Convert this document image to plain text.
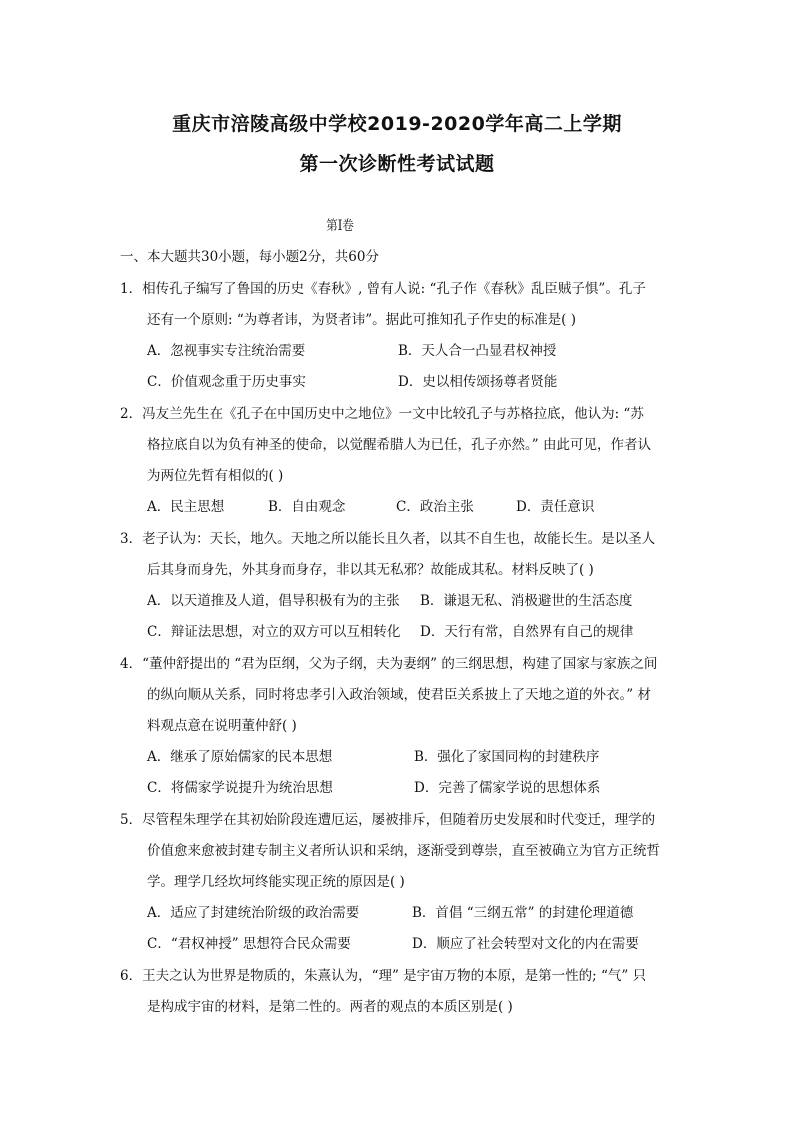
重庆市涪陵高级中学校2019-2020学年高二上学期
第一次诊断性考试试题
第I卷
一、本大题共30小题，每小题2分，共60分
1．相传孔子编写了鲁国的历史《春秋》, 曾有人说: “孔子作《春秋》乱臣贼子惧”。孔子
还有一个原则: “为尊者讳，为贤者讳”。据此可推知孔子作史的标准是( )
A．忽视事实专注统治需要	B．天人合一凸显君权神授
C．价值观念重于历史事实	D．史以相传颂扬尊者贤能
2．冯友兰先生在《孔子在中国历史中之地位》一文中比较孔子与苏格拉底，他认为: “苏
格拉底自以为负有神圣的使命，以觉醒希腊人为已任，孔子亦然。” 由此可见，作者认
为两位先哲有相似的( )
A．民主思想	B．自由观念	C．政治主张	D．责任意识
3．老子认为：天长，地久。天地之所以能长且久者，以其不自生也，故能长生。是以圣人
后其身而身先，外其身而身存，非以其无私邪？故能成其私。材料反映了( )
A．以天道推及人道，倡导积极有为的主张 B．谦退无私、消极避世的生活态度
C．辩证法思想，对立的双方可以互相转化 D．天行有常，自然界有自己的规律
4．“董仲舒提出的 “君为臣纲，父为子纲，夫为妻纲” 的三纲思想，构建了国家与家族之间
的纵向顺从关系，同时将忠孝引入政治领域，使君臣关系披上了天地之道的外衣。” 材
料观点意在说明董仲舒( )
A．继承了原始儒家的民本思想	B．强化了家国同构的封建秩序
C．将儒家学说提升为统治思想	D．完善了儒家学说的思想体系
5．尽管程朱理学在其初始阶段连遭厄运，屡被排斥，但随着历史发展和时代变迁，理学的
价值愈来愈被封建专制主义者所认识和采纳，逐渐受到尊崇，直至被确立为官方正统哲
学。理学几经坎坷终能实现正统的原因是( )
A．适应了封建统治阶级的政治需要	B．首倡 “三纲五常” 的封建伦理道德
C．“君权神授” 思想符合民众需要	D．顺应了社会转型对文化的内在需要
6．王夫之认为世界是物质的，朱熹认为，“理” 是宇宙万物的本原，是第一性的; “气” 只
是构成宇宙的材料，是第二性的。两者的观点的本质区别是( )
